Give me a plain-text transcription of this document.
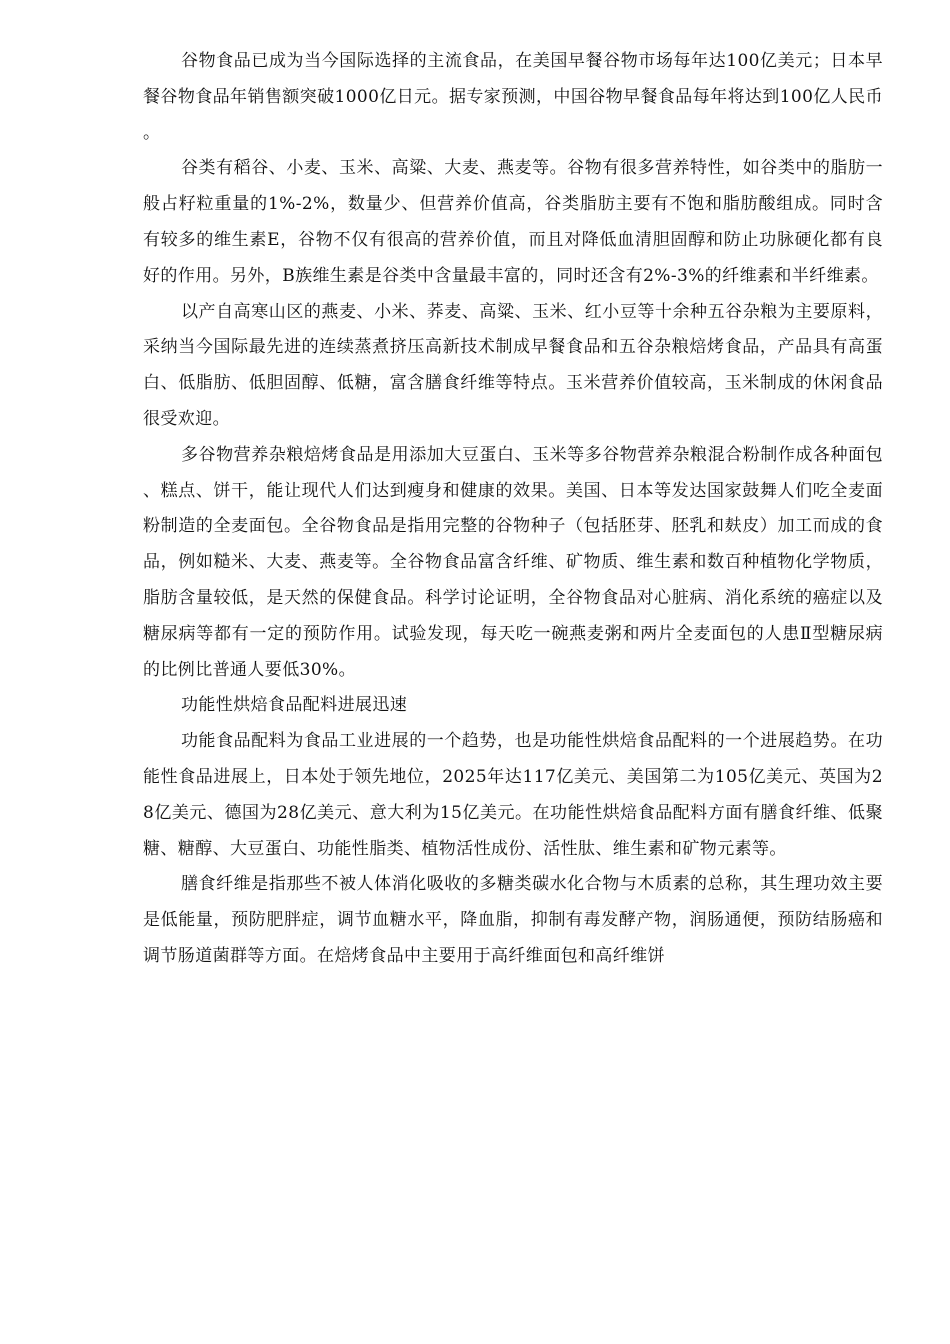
谷物食品已成为当今国际选择的主流食品，在美国早餐谷物市场每年达100亿美元；日本早餐谷物食品年销售额突破1000亿日元。据专家预测，中国谷物早餐食品每年将达到100亿人民币。

谷类有稻谷、小麦、玉米、高粱、大麦、燕麦等。谷物有很多营养特性，如谷类中的脂肪一般占籽粒重量的1%-2%，数量少、但营养价值高，谷类脂肪主要有不饱和脂肪酸组成。同时含有较多的维生素E，谷物不仅有很高的营养价值，而且对降低血清胆固醇和防止功脉硬化都有良好的作用。另外，B族维生素是谷类中含量最丰富的，同时还含有2%-3%的纤维素和半纤维素。

以产自高寒山区的燕麦、小米、荞麦、高粱、玉米、红小豆等十余种五谷杂粮为主要原料，采纳当今国际最先进的连续蒸煮挤压高新技术制成早餐食品和五谷杂粮焙烤食品，产品具有高蛋白、低脂肪、低胆固醇、低糖，富含膳食纤维等特点。玉米营养价值较高，玉米制成的休闲食品很受欢迎。

多谷物营养杂粮焙烤食品是用添加大豆蛋白、玉米等多谷物营养杂粮混合粉制作成各种面包、糕点、饼干，能让现代人们达到瘦身和健康的效果。美国、日本等发达国家鼓舞人们吃全麦面粉制造的全麦面包。全谷物食品是指用完整的谷物种子（包括胚芽、胚乳和麸皮）加工而成的食品，例如糙米、大麦、燕麦等。全谷物食品富含纤维、矿物质、维生素和数百种植物化学物质，脂肪含量较低，是天然的保健食品。科学讨论证明，全谷物食品对心脏病、消化系统的癌症以及糖尿病等都有一定的预防作用。试验发现，每天吃一碗燕麦粥和两片全麦面包的人患Ⅱ型糖尿病的比例比普通人要低30%。

功能性烘焙食品配料进展迅速

功能食品配料为食品工业进展的一个趋势，也是功能性烘焙食品配料的一个进展趋势。在功能性食品进展上，日本处于领先地位，2025年达117亿美元、美国第二为105亿美元、英国为28亿美元、德国为28亿美元、意大利为15亿美元。在功能性烘焙食品配料方面有膳食纤维、低聚糖、糖醇、大豆蛋白、功能性脂类、植物活性成份、活性肽、维生素和矿物元素等。

膳食纤维是指那些不被人体消化吸收的多糖类碳水化合物与木质素的总称，其生理功效主要是低能量，预防肥胖症，调节血糖水平，降血脂，抑制有毒发酵产物，润肠通便，预防结肠癌和调节肠道菌群等方面。在焙烤食品中主要用于高纤维面包和高纤维饼
